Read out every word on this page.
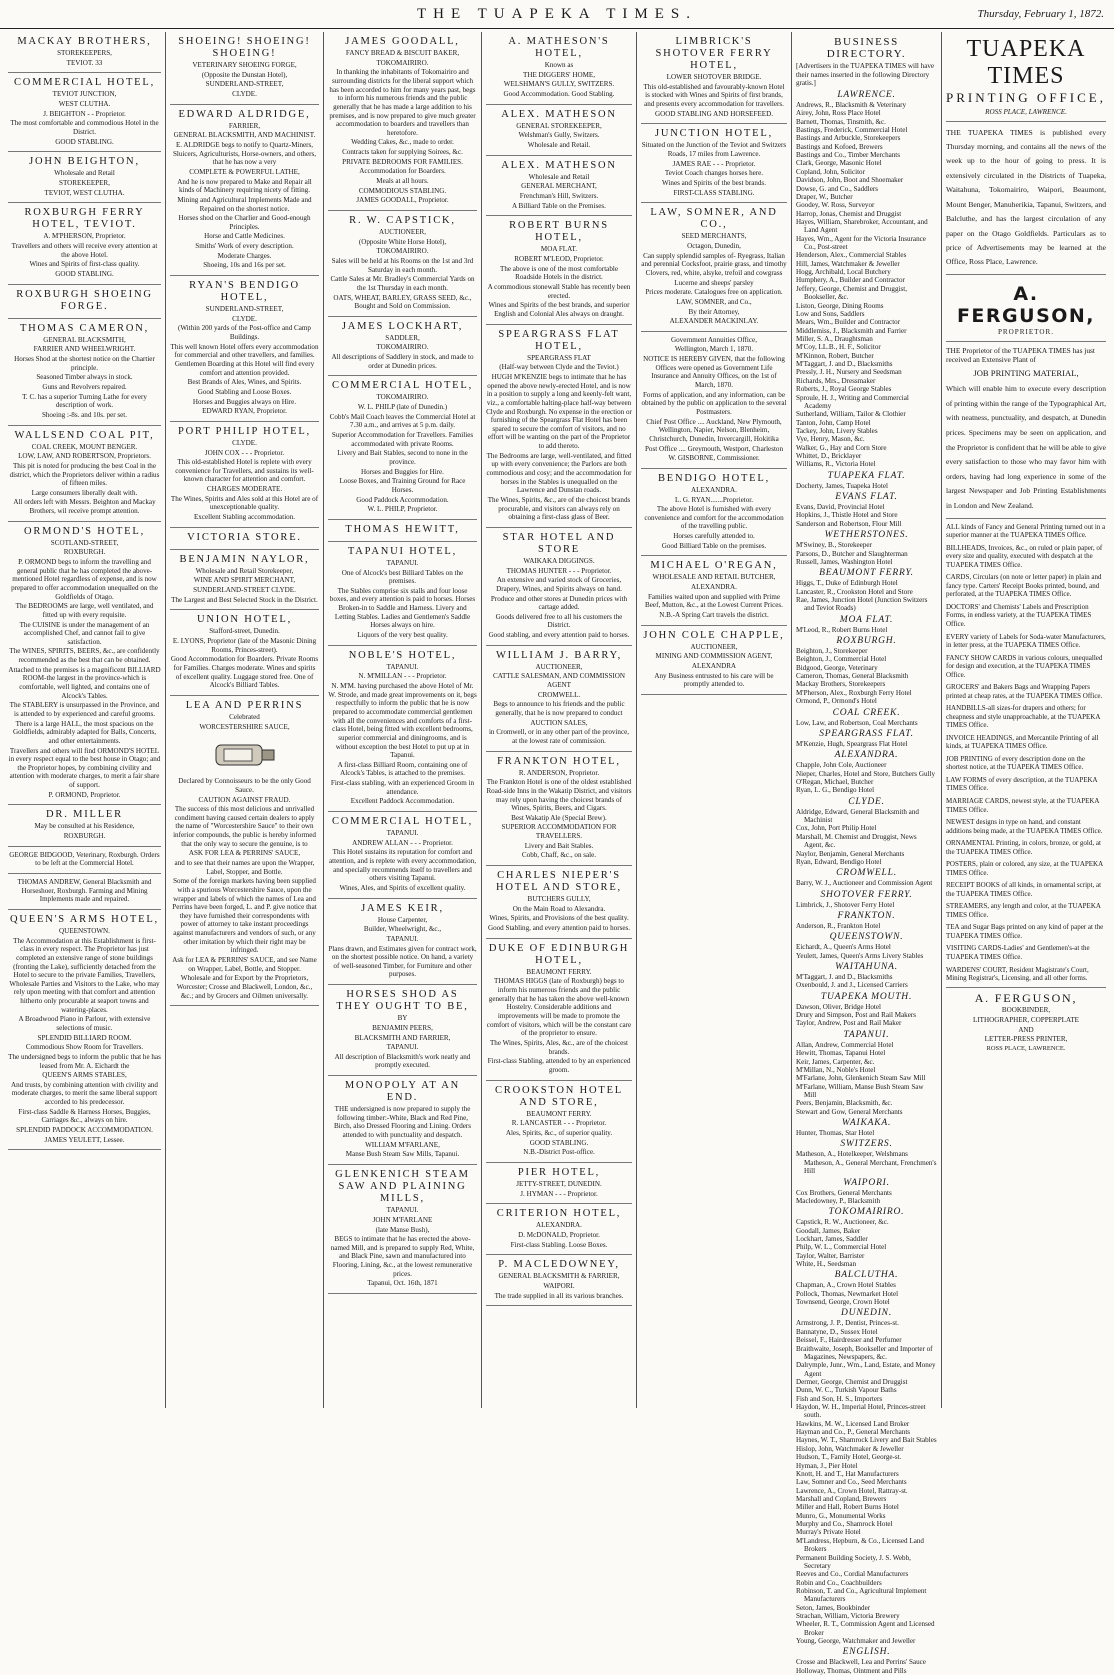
THE TUAPEKA TIMES.	Thursday, February 1, 1872.
MACKAY BROTHERS,
STOREKEEPERS,
TEVIOT. 33
COMMERCIAL HOTEL,
TEVIOT JUNCTION,
WEST CLUTHA.
J. BEIGHTON - - Proprietor.
The most comfortable and commodious Hotel in the District.
GOOD STABLING.
JOHN BEIGHTON,
Wholesale and Retail
STOREKEEPER,
TEVIOT, WEST CLUTHA.
ROXBURGH FERRY HOTEL, TEVIOT.
A. M'PHERSON, Proprietor.
Travellers and others will receive every attention at the above Hotel.
Wines and Spirits of first-class quality.
GOOD STABLING.
ROXBURGH SHOEING FORGE.
THOMAS CAMERON,
GENERAL BLACKSMITH,
FARRIER AND WHEELWRIGHT.
Horses Shod at the shortest notice on the Chartier principle.
Seasoned Timber always in stock.
Guns and Revolvers repaired.
T. C. has a superior Turning Lathe for every description of work.
Shoeing :-8s. and 10s. per set.
WALLSEND COAL PIT,
COAL CREEK, MOUNT BENGER.
LOW, LAW, AND ROBERTSON, Proprietors.
This pit is noted for producing the best Coal in the district, which the Proprietors deliver within a radius of fifteen miles.
Large consumers liberally dealt with.
All orders left with Messrs. Beighton and Mackay Brothers, wil receive prompt attention.
ORMOND'S HOTEL,
SCOTLAND-STREET,
ROXBURGH.
P. ORMOND begs to inform the travelling and general public that he has completed the above-mentioned Hotel regardless of expense, and is now prepared to offer accommodation unequalled on the Goldfields of Otago.
The BEDROOMS are large, well ventilated, and fitted up with every requisite.
The CUISINE is under the management of an accomplished Chef, and cannot fail to give satisfaction.
The WINES, SPIRITS, BEERS, &c., are confidently recommended as the best that can be obtained.
Attached to the premises is a magnificent BILLIARD ROOM-the largest in the province-which is comfortable, well lighted, and contains one of Alcock's Tables.
The STABLERY is unsurpassed in the Province, and is attended to by experienced and careful grooms.
There is a large HALL, the most spacious on the Goldfields, admirably adapted for Balls, Concerts, and other entertainments.
Travellers and others will find ORMOND'S HOTEL in every respect equal to the best house in Otago; and the Proprietor hopes, by combining civility and attention with moderate charges, to merit a fair share of support.
P. ORMOND, Proprietor.
DR. MILLER
May be consulted at his Residence,
ROXBURGH.
GEORGE BIDGOOD, Veterinary, Roxburgh. Orders to be left at the Commercial Hotel.
THOMAS ANDREW, General Blacksmith and Horseshoer, Roxburgh. Farming and Mining Implements made and repaired.
QUEEN'S ARMS HOTEL,
QUEENSTOWN.
The Accommodation at this Establishment is first-class in every respect. The Proprietor has just completed an extensive range of stone buildings (fronting the Lake), sufficiently detached from the Hotel to secure to the private Families, Travellers, Wholesale Parties and Visitors to the Lake, who may rely upon meeting with that comfort and attention hitherto only procurable at seaport towns and watering-places.
A Broadwood Piano in Parlour, with extensive selections of music.
SPLENDID BILLIARD ROOM.
Commodious Show Room for Travellers.
The undersigned begs to inform the public that he has leased from Mr. A. Eichardt the
QUEEN'S ARMS STABLES,
And trusts, by combining attention with civility and moderate charges, to merit the same liberal support accorded to his predecessor.
First-class Saddle & Harness Horses, Buggies, Carriages &c., always on hire.
SPLENDID PADDOCK ACCOMMODATION.
JAMES YEULETT, Lessee.
SHOEING! SHOEING! SHOEING!
VETERINARY SHOEING FORGE,
(Opposite the Dunstan Hotel),
SUNDERLAND-STREET,
CLYDE.
EDWARD ALDRIDGE,
FARRIER,
GENERAL BLACKSMITH, AND MACHINIST.
E. ALDRIDGE begs to notify to Quartz-Miners, Sluicers, Agriculturists, Horse-owners, and others, that he has now a very
COMPLETE & POWERFUL LATHE,
And he is now prepared to Make and Repair all kinds of Machinery requiring nicety of fitting.
Mining and Agricultural Implements Made and Repaired on the shortest notice.
Horses shod on the Charlier and Good-enough Principles.
Horse and Cattle Medicines.
Smiths' Work of every description.
Moderate Charges.
Shoeing, 10s and 16s per set.
RYAN'S BENDIGO HOTEL,
SUNDERLAND-STREET,
CLYDE.
(Within 200 yards of the Post-office and Camp Buildings.
This well known Hotel offers every accommodation for commercial and other travellers, and families. Gentlemen Boarding at this Hotel will find every comfort and attention provided.
Best Brands of Ales, Wines, and Spirits.
Good Stabling and Loose Boxes.
Horses and Buggies always on Hire.
EDWARD RYAN, Proprietor.
PORT PHILIP HOTEL,
CLYDE.
JOHN COX - - - Proprietor.
This old-established Hotel is replete with every convenience for Travellers, and sustains its well-known character for attention and comfort.
CHARGES MODERATE.
The Wines, Spirits and Ales sold at this Hotel are of unexceptionable quality.
Excellent Stabling accommodation.
VICTORIA STORE.
BENJAMIN NAYLOR,
Wholesale and Retail Storekeeper,
WINE AND SPIRIT MERCHANT,
SUNDERLAND-STREET CLYDE.
The Largest and Best Selected Stock in the District.
UNION HOTEL,
Stafford-street, Dunedin.
E. LYONS, Proprietor (late of the Masonic Dining Rooms, Princes-street).
Good Accommodation for Boarders. Private Rooms for Families. Charges moderate. Wines and spirits of excellent quality. Luggage stored free. One of Alcock's Billiard Tables.
LEA AND PERRINS
Celebrated
WORCESTERSHIRE SAUCE,
Declared by Connoisseurs to be the only Good Sauce.
CAUTION AGAINST FRAUD.
The success of this most delicious and unrivalled condiment having caused certain dealers to apply the name of "Worcestershire Sauce" to their own inferior compounds, the public is hereby informed that the only way to secure the genuine, is to
ASK FOR LEA & PERRINS' SAUCE,
and to see that their names are upon the Wrapper, Label, Stopper, and Bottle.
Some of the foreign markets having been supplied with a spurious Worcestershire Sauce, upon the wrapper and labels of which the names of Lea and Perrins have been forged, L. and P. give notice that they have furnished their correspondents with power of attorney to take instant proceedings against manufacturers and vendors of such, or any other imitation by which their right may be infringed.
Ask for LEA & PERRINS' SAUCE, and see Name on Wrapper, Label, Bottle, and Stopper.
Wholesale and for Export by the Proprietors, Worcester; Crosse and Blackwell, London, &c., &c.; and by Grocers and Oilmen universally.
JAMES GOODALL,
FANCY BREAD & BISCUIT BAKER,
TOKOMAIRIRO.
In thanking the inhabitants of Tokomairiro and surrounding districts for the liberal support which has been accorded to him for many years past, begs to inform his numerous friends and the public generally that he has made a large addition to his premises, and is now prepared to give much greater accommodation to boarders and travellers than heretofore.
Wedding Cakes, &c., made to order.
Contracts taken for supplying Soirees, &c.
PRIVATE BEDROOMS FOR FAMILIES.
Accommodation for Boarders.
Meals at all hours.
COMMODIOUS STABLING.
JAMES GOODALL, Proprietor.
R. W. CAPSTICK,
AUCTIONEER,
(Opposite White Horse Hotel),
TOKOMAIRIRO.
Sales will be held at his Rooms on the 1st and 3rd Saturday in each month.
Cattle Sales at Mr. Bradley's Commercial Yards on the 1st Thursday in each month.
OATS, WHEAT, BARLEY, GRASS SEED, &c., Bought and Sold on Commission.
JAMES LOCKHART,
SADDLER,
TOKOMAIRIRO.
All descriptions of Saddlery in stock, and made to order at Dunedin prices.
COMMERCIAL HOTEL,
TOKOMAIRIRO.
W. L. PHILP (late of Dunedin.)
Cobb's Mail Coach leaves the Commercial Hotel at 7.30 a.m., and arrives at 5 p.m. daily.
Superior Accommodation for Travellers. Families accommodated with private Rooms.
Livery and Bait Stables, second to none in the province.
Horses and Buggies for Hire.
Loose Boxes, and Training Ground for Race Horses.
Good Paddock Accommodation.
W. L. PHILP, Proprietor.
THOMAS HEWITT,
TAPANUI HOTEL,
TAPANUI.
One of Alcock's best Billiard Tables on the premises.
The Stables comprise six stalls and four loose boxes, and every attention is paid to horses. Horses Broken-in to Saddle and Harness. Livery and Letting Stables. Ladies and Gentlemen's Saddle Horses always on hire.
Liquors of the very best quality.
NOBLE'S HOTEL,
TAPANUI.
N. M'MILLAN - - - Proprietor.
N. M'M. having purchased the above Hotel of Mr. W. Strode, and made great improvements on it, begs respectfully to inform the public that he is now prepared to accommodate commercial gentlemen with all the conveniences and comforts of a first-class Hotel, being fitted with excellent bedrooms, superior commercial and diningrooms, and is without exception the best Hotel to put up at in Tapanui.
A first-class Billiard Room, containing one of Alcock's Tables, is attached to the premises.
First-class stabling, with an experienced Groom in attendance.
Excellent Paddock Accommodation.
COMMERCIAL HOTEL,
TAPANUI.
ANDREW ALLAN - - - Proprietor.
This Hotel sustains its reputation for comfort and attention, and is replete with every accommodation, and specially recommends itself to travellers and others visiting Tapanui.
Wines, Ales, and Spirits of excellent quality.
JAMES KEIR,
House Carpenter,
Builder, Wheelwright, &c.,
TAPANUI.
Plans drawn, and Estimates given for contract work, on the shortest possible notice. On hand, a variety of well-seasoned Timber, for Furniture and other purposes.
HORSES SHOD AS THEY OUGHT TO BE,
BY
BENJAMIN PEERS,
BLACKSMITH AND FARRIER,
TAPANUI.
All description of Blacksmith's work neatly and promptly executed.
MONOPOLY AT AN END.
THE undersigned is now prepared to supply the following timber:-White, Black and Red Pine, Birch, also Dressed Flooring and Lining. Orders attended to with punctuality and despatch.
WILLIAM M'FARLANE,
Manse Bush Steam Saw Mills, Tapanui.
GLENKENICH STEAM SAW AND PLAINING MILLS,
TAPANUI.
JOHN M'FARLANE
(late Manse Bush),
BEGS to intimate that he has erected the above-named Mill, and is prepared to supply Red, White, and Black Pine, sawn and manufactured into Flooring, Lining, &c., at the lowest remunerative prices.
Tapanui, Oct. 16th, 1871
A. MATHESON'S HOTEL,
Known as
THE DIGGERS' HOME,
WELSHMAN'S GULLY, SWITZERS.
Good Accommodation. Good Stabling.
ALEX. MATHESON
GENERAL STOREKEEPER,
Welshman's Gully, Switzers.
Wholesale and Retail.
ALEX. MATHESON
Wholesale and Retail
GENERAL MERCHANT,
Frenchman's Hill, Switzers.
A Billiard Table on the Premises.
ROBERT BURNS HOTEL,
MOA FLAT.
ROBERT M'LEOD, Proprietor.
The above is one of the most comfortable Roadside Hotels in the district.
A commodious stonewall Stable has recently been erected.
Wines and Spirits of the best brands, and superior English and Colonial Ales always on draught.
SPEARGRASS FLAT HOTEL,
SPEARGRASS FLAT
(Half-way between Clyde and the Teviot.)
HUGH M'KENZIE begs to intimate that he has opened the above newly-erected Hotel, and is now in a position to supply a long and keenly-felt want, viz., a comfortable halting-place half-way between Clyde and Roxburgh. No expense in the erection or furnishing of the Speargrass Flat Hotel has been spared to secure the comfort of visitors, and no effort will be wanting on the part of the Proprietor to add thereto.
The Bedrooms are large, well-ventilated, and fitted up with every convenience; the Parlors are both commodious and cosy; and the accommodation for horses in the Stables is unequalled on the Lawrence and Dunstan roads.
The Wines, Spirits, &c., are of the choicest brands procurable, and visitors can always rely on obtaining a first-class glass of Beer.
STAR HOTEL AND STORE
WAIKAKA DIGGINGS.
THOMAS HUNTER - - - Proprietor.
An extensive and varied stock of Groceries, Drapery, Wines, and Spirits always on hand.
Produce and other stores at Dunedin prices with cartage added.
Goods delivered free to all his customers the District.
Good stabling, and every attention paid to horses.
WILLIAM J. BARRY,
AUCTIONEER,
CATTLE SALESMAN, AND COMMISSION AGENT
CROMWELL.
Begs to announce to his friends and the public generally, that he is now prepared to conduct
AUCTION SALES,
in Cromwell, or in any other part of the province, at the lowest rate of commission.
FRANKTON HOTEL,
R. ANDERSON, Proprietor.
The Frankton Hotel is one of the oldest established Road-side Inns in the Wakatip District, and visitors may rely upon having the choicest brands of Wines, Spirits, Beers, and Cigars.
Best Wakatip Ale (Special Brew).
SUPERIOR ACCOMMODATION FOR TRAVELLERS.
Livery and Bait Stables.
Cobb, Chaff, &c., on sale.
CHARLES NIEPER'S HOTEL AND STORE,
BUTCHERS GULLY,
On the Main Road to Alexandra.
Wines, Spirits, and Provisions of the best quality.
Good Stabling, and every attention paid to horses.
DUKE OF EDINBURGH HOTEL,
BEAUMONT FERRY.
THOMAS HIGGS (late of Roxburgh) begs to inform his numerous friends and the public generally that he has taken the above well-known Hostelry. Considerable additions and improvements will be made to promote the comfort of visitors, which will be the constant care of the proprietor to ensure.
The Wines, Spirits, Ales, &c., are of the choicest brands.
First-class Stabling, attended to by an experienced groom.
CROOKSTON HOTEL AND STORE,
BEAUMONT FERRY.
R. LANCASTER - - - Proprietor.
Ales, Spirits, &c., of superior quality.
GOOD STABLING.
N.B.-District Post-office.
PIER HOTEL,
JETTY-STREET, DUNEDIN.
J. HYMAN - - - Proprietor.
CRITERION HOTEL,
ALEXANDRA.
D. McDONALD, Proprietor.
First-class Stabling. Loose Boxes.
P. MACLEDOWNEY,
GENERAL BLACKSMITH & FARRIER,
WAIPORI.
The trade supplied in all its various branches.
LIMBRICK'S SHOTOVER FERRY HOTEL,
LOWER SHOTOVER BRIDGE.
This old-established and favourably-known Hotel is stocked with Wines and Spirits of first brands, and presents every accommodation for travellers.
GOOD STABLING AND HORSEFEED.
JUNCTION HOTEL,
Situated on the Junction of the Teviot and Switzers Roads, 17 miles from Lawrence.
JAMES RAE - - - Proprietor.
Teviot Coach changes horses here.
Wines and Spirits of the best brands.
FIRST-CLASS STABLING.
LAW, SOMNER, AND CO.,
SEED MERCHANTS,
Octagon, Dunedin,
Can supply splendid samples of- Ryegrass, Italian and perennial Cocksfoot, prairie grass, and timothy Clovers, red, white, alsyke, trefoil and cowgrass
Lucerne and sheeps' parsley
Prices moderate. Catalogues free on application.
LAW, SOMNER, and Co.,
By their Attorney,
ALEXANDER MACKINLAY.
Government Annuities Office,
Wellington, March 1, 1870.
NOTICE IS HEREBY GIVEN, that the following Offices were opened as Government Life Insurance and Annuity Offices, on the 1st of March, 1870.
Forms of application, and any information, can be obtained by the public on application to the several Postmasters.
Chief Post Office .... Auckland, New Plymouth, Wellington, Napier, Nelson, Blenheim, Christchurch, Dunedin, Invercargill, Hokitika
Post Office .... Greymouth, Westport, Charleston
W. GISBORNE, Commissioner.
BENDIGO HOTEL,
ALEXANDRA.
L. G. RYAN.......Proprietor.
The above Hotel is furnished with every convenience and comfort for the accommodation of the travelling public.
Horses carefully attended to.
Good Billiard Table on the premises.
MICHAEL O'REGAN,
WHOLESALE AND RETAIL BUTCHER,
ALEXANDRA.
Families waited upon and supplied with Prime Beef, Mutton, &c., at the Lowest Current Prices.
N.B.-A Spring Cart travels the district.
JOHN COLE CHAPPLE,
AUCTIONEER,
MINING AND COMMISSION AGENT,
ALEXANDRA
Any Business entrusted to his care will be promptly attended to.
BUSINESS DIRECTORY.
[Advertisers in the TUAPEKA TIMES will have their names inserted in the following Directory gratis.]
LAWRENCE.
Andrews, R., Blacksmith & Veterinary
Airey, John, Ross Place Hotel
Barnett, Thomas, Tinsmith, &c.
Bastings, Frederick, Commercial Hotel
Bastings and Arbuckle, Storekeepers
Bastings and Kofoed, Brewers
Bastings and Co., Timber Merchants
Clark, George, Masonic Hotel
Copland, John, Solicitor
Davidson, John, Boot and Shoemaker
Dowse, G. and Co., Saddlers
Draper, W., Butcher
Goodey, W. Ross, Surveyor
Harrop, Jonas, Chemist and Druggist
Hayes, William, Sharebroker, Accountant, and Land Agent
Hayes, Wm., Agent for the Victoria Insurance Co., Post-street
Henderson, Alex., Commercial Stables
Hill, James, Watchmaker & Jeweller
Hogg, Archibald, Local Butchery
Humphery, A., Builder and Contractor
Jeffery, George, Chemist and Druggist, Bookseller, &c.
Liston, George, Dining Rooms
Low and Sons, Saddlers
Mears, Wm., Builder and Contractor
Middlemiss, J., Blacksmith and Farrier
Miller, S. A., Draughtsman
M'Coy, LL.B., H. F., Solicitor
M'Kinnon, Robert, Butcher
M'Taggart, J. and D., Blacksmiths
Pressly, J. H., Nursery and Seedsman
Richards, Mrs., Dressmaker
Roberts, J., Royal George Stables
Sproule, H. J., Writing and Commercial Academy
Sutherland, William, Tailor & Clothier
Tanton, John, Camp Hotel
Tackey, John, Livery Stables
Vye, Henry, Mason, &c.
Walker, G., Hay and Corn Store
Whittet, D., Bricklayer
Williams, R., Victoria Hotel
TUAPEKA FLAT.
Docherty, James, Tuapeka Hotel
EVANS FLAT.
Evans, David, Provincial Hotel
Hopkins, J., Thistle Hotel and Store
Sanderson and Robertson, Flour Mill
WETHERSTONES.
M'Swiney, B., Storekeeper
Parsons, D., Butcher and Slaughterman
Russell, James, Washington Hotel
BEAUMONT FERRY.
Higgs, T., Duke of Edinburgh Hotel
Lancaster, R., Crookston Hotel and Store
Rae, James, Junction Hotel (Junction Switzers and Teviot Roads)
MOA FLAT.
M'Leod, R., Robert Burns Hotel
ROXBURGH.
Beighton, J., Storekeeper
Beighton, J., Commercial Hotel
Bidgood, George, Veterinary
Cameron, Thomas, General Blacksmith
Mackay Brothers, Storekeepers
M'Pherson, Alex., Roxburgh Ferry Hotel
Ormond, P., Ormond's Hotel
COAL CREEK.
Low, Law, and Robertson, Coal Merchants
SPEARGRASS FLAT.
M'Kenzie, Hugh, Speargrass Flat Hotel
ALEXANDRA.
Chapple, John Cole, Auctioneer
Nieper, Charles, Hotel and Store, Butchers Gully
O'Regan, Michael, Butcher
Ryan, L. G., Bendigo Hotel
CLYDE.
Aldridge, Edward, General Blacksmith and Machinist
Cox, John, Port Philip Hotel
Marshall, M. Chemist and Druggist, News Agent, &c.
Naylor, Benjamin, General Merchants
Ryan, Edward, Bendigo Hotel
CROMWELL.
Barry, W. J., Auctioneer and Commission Agent
SHOTOVER FERRY.
Limbrick, J., Shotover Ferry Hotel
FRANKTON.
Anderson, R., Frankton Hotel
QUEENSTOWN.
Eichardt, A., Queen's Arms Hotel
Yeulett, James, Queen's Arms Livery Stables
WAITAHUNA.
M'Taggart, J. and D., Blacksmiths
Oxenbould, J. and J., Licensed Carriers
TUAPEKA MOUTH.
Dawson, Oliver, Bridge Hotel
Drury and Simpson, Post and Rail Makers
Taylor, Andrew, Post and Rail Maker
TAPANUI.
Allan, Andrew, Commercial Hotel
Hewitt, Thomas, Tapanui Hotel
Keir, James, Carpenter, &c.
M'Millan, N., Noble's Hotel
M'Farlane, John, Glenkenich Steam Saw Mill
M'Farlane, William, Manse Bush Steam Saw Mill
Peers, Benjamin, Blacksmith, &c.
Stewart and Gow, General Merchants
WAIKAKA.
Hunter, Thomas, Star Hotel
SWITZERS.
Matheson, A., Hotelkeeper, Welshmans Matheson, A., General Merchant, Frenchmen's Hill
WAIPORI.
Cox Brothers, General Merchants
Macledowney, P., Blacksmith
TOKOMAIRIRO.
Capstick, R. W., Auctioneer, &c.
Goodall, James, Baker
Lockhart, James, Saddler
Philp, W. L., Commercial Hotel
Taylor, Walter, Barrister
White, H., Seedsman
BALCLUTHA.
Chapman, A., Crown Hotel Stables
Pollock, Thomas, Newmarket Hotel
Townsend, George, Crown Hotel
DUNEDIN.
Armstrong, J. P., Dentist, Princes-st.
Bannatyne, D., Sussex Hotel
Beissel, F., Hairdresser and Perfumer
Braithwaite, Joseph, Bookseller and Importer of Magazines, Newspapers, &c.
Dalrymple, Junr., Wm., Land, Estate, and Money Agent
Dermer, George, Chemist and Druggist
Dunn, W. C., Turkish Vapour Baths
Fish and Son, H. S., Importers
Haydon, W. H., Imperial Hotel, Princes-street south.
Hawkins, M. W., Licensed Land Broker
Hayman and Co., P., General Merchants
Haynes, W. T., Shamrock Livery and Bait Stables
Hislop, John, Watchmaker & Jeweller
Hudson, T., Family Hotel, George-st.
Hyman, J., Pier Hotel
Knott, H. and T., Hat Manufacturers
Law, Somner and Co., Seed Merchants
Lawrence, A., Crown Hotel, Rattray-st.
Marshall and Copland, Brewers
Miller and Hall, Robert Burns Hotel
Munro, G., Monumental Works
Murphy and Co., Shamrock Hotel
Murray's Private Hotel
M'Landress, Hepburn, & Co., Licensed Land Brokers
Permanent Building Society, J. S. Webb, Secretary
Reeves and Co., Cordial Manufacturers
Robin and Co., Coachbuilders
Robinson, T. and Co., Agricultural Implement Manufacturers
Seton, James, Bookbinder
Strachan, William, Victoria Brewery
Wheeler, R. T., Commission Agent and Licensed Broker
Young, George, Watchmaker and Jeweller
ENGLISH.
Crosse and Blackwell, Lea and Perrins' Sauce
Holloway, Thomas, Ointment and Pills
TUAPEKA TIMES
PRINTING OFFICE,
ROSS PLACE, LAWRENCE.
THE TUAPEKA TIMES is published every Thursday morning, and contains all the news of the week up to the hour of going to press. It is extensively circulated in the Districts of Tuapeka, Waitahuna, Tokomairiro, Waipori, Beaumont, Mount Benger, Manuherikia, Tapanui, Switzers, and Balcluthe, and has the largest circulation of any paper on the Otago Goldfields. Particulars as to price of Advertisements may be learned at the Office, Ross Place, Lawrence.
A. FERGUSON,
PROPRIETOR.
THE Proprietor of the TUAPEKA TIMES has just received an Extensive Plant of
JOB PRINTING MATERIAL,
Which will enable him to execute every description of printing within the range of the Typographical Art, with neatness, punctuality, and despatch, at Dunedin prices. Specimens may be seen on application, and the Proprietor is confident that he will be able to give every satisfaction to those who may favor him with orders, having had long experience in some of the largest Newspaper and Job Printing Establishments in London and New Zealand.
ALL kinds of Fancy and General Printing turned out in a superior manner at the TUAPEKA TIMES Office.
BILLHEADS, Invoices, &c., on ruled or plain paper, of every size and quality, executed with despatch at the TUAPEKA TIMES Office.
CARDS, Circulars (on note or letter paper) in plain and fancy type. Carters' Receipt Books printed, bound, and perforated, at the TUAPEKA TIMES Office.
DOCTORS' and Chemists' Labels and Prescription Forms, in endless variety, at the TUAPEKA TIMES Office.
EVERY variety of Labels for Soda-water Manufacturers, in letter press, at the TUAPEKA TIMES Office.
FANCY SHOW CARDS in various colours, unequalled for design and execution, at the TUAPEKA TIMES Office.
GROCERS' and Bakers Bags and Wrapping Papers printed at cheap rates, at the TUAPEKA TIMES Office.
HANDBILLS-all sizes-for drapers and others; for cheapness and style unapproachable, at the TUAPEKA TIMES Office.
INVOICE HEADINGS, and Mercantile Printing of all kinds, at TUAPEKA TIMES Office.
JOB PRINTING of every description done on the shortest notice, at the TUAPEKA TIMES Office.
LAW FORMS of every description, at the TUAPEKA TIMES Office.
MARRIAGE CARDS, newest style, at the TUAPEKA TIMES Office.
NEWEST designs in type on hand, and constant additions being made, at the TUAPEKA TIMES Office.
ORNAMENTAL Printing, in colors, bronze, or gold, at the TUAPEKA TIMES Office.
POSTERS, plain or colored, any size, at the TUAPEKA TIMES Office.
RECEIPT BOOKS of all kinds, in ornamental script, at the TUAPEKA TIMES Office.
STREAMERS, any length and color, at the TUAPEKA TIMES Office.
TEA and Sugar Bags printed on any kind of paper at the TUAPEKA TIMES Office.
VISITING CARDS-Ladies' and Gentlemen's-at the TUAPEKA TIMES Office.
WARDENS' COURT, Resident Magistrate's Court, Mining Registrar's, Licensing, and all other forms.
A. FERGUSON,
BOOKBINDER,
LITHOGRAPHER, COPPERPLATE
AND
LETTER-PRESS PRINTER,
ROSS PLACE, LAWRENCE.
